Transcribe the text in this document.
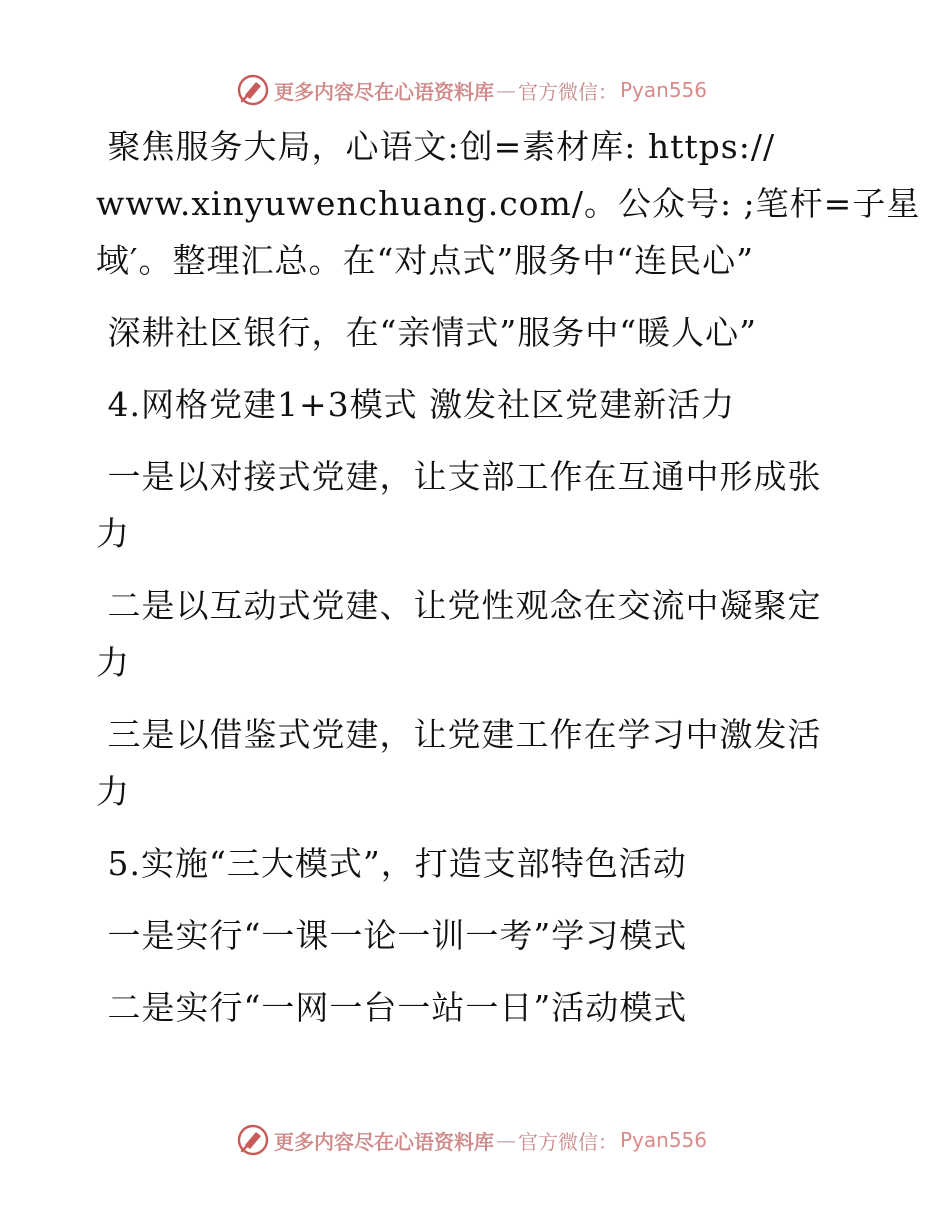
更多内容尽在心语资料库 — 官方微信： Pyan556
聚焦服务大局，心语文:创=素材库: https://
www.xinyuwenchuang.com/。公众号: ;笔杆=子星
域′。整理汇总。在“对点式”服务中“连民心”
深耕社区银行，在“亲情式”服务中“暖人心”
4.网格党建1+3模式 激发社区党建新活力
一是以对接式党建，让支部工作在互通中形成张
力
二是以互动式党建、让党性观念在交流中凝聚定
力
三是以借鉴式党建，让党建工作在学习中激发活
力
5.实施“三大模式”，打造支部特色活动
一是实行“一课一论一训一考”学习模式
二是实行“一网一台一站一日”活动模式
更多内容尽在心语资料库 — 官方微信： Pyan556
